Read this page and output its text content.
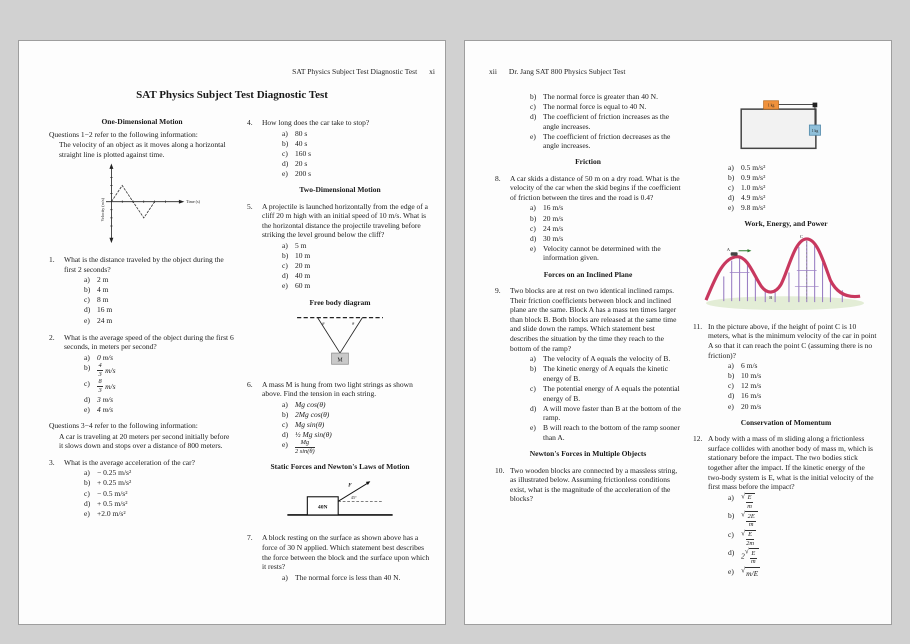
SAT Physics Subject Test Diagnostic Test xi
SAT Physics Subject Test Diagnostic Test
One-Dimensional Motion
Questions 1−2 refer to the following information:
The velocity of an object as it moves along a horizontal straight line is plotted against time.
Velocity (m/s)	Time (s)
1.	What is the distance traveled by the object during the first 2 seconds?
a) 2 m
b) 4 m
c) 8 m
d) 16 m
e) 24 m
2.	What is the average speed of the object during the first 6 seconds, in meters per second?
a) 0 m/s
b)	$\frac{4}{3} m/s$
c)	$\frac{8}{3} m/s$
d) 3 m/s
e) 4 m/s
Questions 3−4 refer to the following information:
A car is traveling at 20 meters per second initially before it slows down and stops over a distance of 800 meters.
3.	What is the average acceleration of the car?
a) − 0.25 m/s²
b) + 0.25 m/s²
c) − 0.5 m/s²
d) + 0.5 m/s²
e) +2.0 m/s²
4.	How long does the car take to stop?
a) 80 s
b) 40 s
c) 160 s
d) 20 s
e) 200 s
Two-Dimensional Motion
5.	A projectile is launched horizontally from the edge of a cliff 20 m high with an initial speed of 10 m/s. What is the horizontal distance the projectile traveling before striking the level ground below the cliff?
a) 5 m
b) 10 m
c) 20 m
d) 40 m
e) 60 m
Free body diagram
θ	θ
M
6.	A mass M is hung from two light strings as shown above. Find the tension in each string.
a) Mg cos(θ)
b) 2Mg cos(θ)
c) Mg sin(θ)
d) ½ Mg sin(θ)
e)	$\frac{Mg}{2 \sin(\theta)}$
Static Forces and Newton's Laws of Motion
40N
F
45°
7.	A block resting on the surface as shown above has a force of 30 N applied. Which statement best describes the force between the block and the surface upon which it rests?
a) The normal force is less than 40 N.
xii Dr. Jang SAT 800 Physics Subject Test
b) The normal force is greater than 40 N.
c) The normal force is equal to 40 N.
d) The coefficient of friction increases as the angle increases.
e) The coefficient of friction decreases as the angle increases.
Friction
8.	A car skids a distance of 50 m on a dry road. What is the velocity of the car when the skid begins if the coefficient of friction between the tires and the road is 0.4?
a) 16 m/s
b) 20 m/s
c) 24 m/s
d) 30 m/s
e) Velocity cannot be determined with the information given.
Forces on an Inclined Plane
9.	Two blocks are at rest on two identical inclined ramps. Their friction coefficients between block and inclined plane are the same. Block A has a mass ten times larger than block B. Both blocks are released at the same time and slide down the ramps. Which statement best describes the situation by the time they reach to the bottom of the ramp?
a) The velocity of A equals the velocity of B.
b) The kinetic energy of A equals the kinetic energy of B.
c) The potential energy of A equals the potential energy of B.
d) A will move faster than B at the bottom of the ramp.
e) B will reach to the bottom of the ramp sooner than A.
Newton's Forces in Multiple Objects
10. Two wooden blocks are connected by a massless string, as illustrated below. Assuming frictionless conditions exist, what is the magnitude of the acceleration of the blocks?
1 kg
1 kg
a) 0.5 m/s²
b) 0.9 m/s²
c) 1.0 m/s²
d) 4.9 m/s²
e) 9.8 m/s²
Work, Energy, and Power
A
B
C
11. In the picture above, if the height of point C is 10 meters, what is the minimum velocity of the car in point A so that it can reach the point C (assuming there is no friction)?
a) 6 m/s
b) 10 m/s
c) 12 m/s
d) 16 m/s
e) 20 m/s
Conservation of Momentum
12. A body with a mass of m sliding along a frictionless surface collides with another body of mass m, which is stationary before the impact. The two bodies stick together after the impact. If the kinetic energy of the two-body system is E, what is the initial velocity of the first mass before the impact?
a) √ $\frac{E}{m}$
b) √ $\frac{2E}{m}$
c) √ $\frac{E}{2m}$
d) 2
√ $\frac{E}{m}$
e) √ m/E
